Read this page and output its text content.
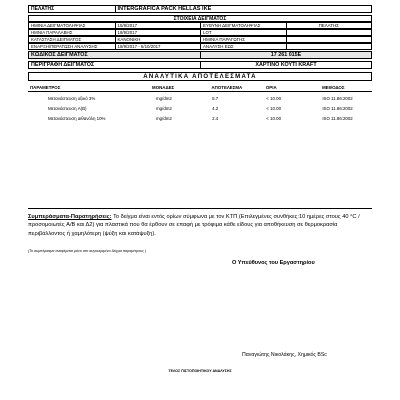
ΠΕΛΑΤΗΣ	INTERGRAFICA PACK HELLAS IKE
ΣΤΟΙΧΕΙΑ ΔΕΙΓΜΑΤΟΣ
ΗΜΙΝΙΑ ΔΕΙΓΜΑΤΟΛΗΨΙΑΣ	15/9/2017	ΕΥΘΥΝΗ ΔΕΙΓΜΑΤΟΛΗΨΙΑΣ	ΠΕΛΑΤΗΣ
ΗΜΝΙΑ ΠΑΡΑΛΑΒΗΣ	18/9/2017	LOT
ΚΑΤΑΣΤΑΣΗ ΔΕΙΓΜΑΤΟΣ	ΚΑΝΟΝΙΚΗ	ΗΜΙΝΙΑ ΠΑΡΑΓΩΓΗΣ
ΕΝΑΡΞΗ/ΠΕΡΑΤΩΣΗ ΑΝΑΛΥΣΗΣ	18/9/2017 - 6/10/2017	ΑΝΑΛΥΣΗ ΕΩΣ
ΚΩΔΙΚΟΣ ΔΕΙΓΜΑΤΟΣ	17 261 015E
ΠΕΡΙΓΡΑΦΗ ΔΕΙΓΜΑΤΟΣ	ΧΑΡΤΙΝΟ ΚΟΥΤΙ KRAFT
ΑΝΑΛΥΤΙΚΑ ΑΠΟΤΕΛΕΣΜΑΤΑ
ΠΑΡΑΜΕΤΡΟΣ	ΜΟΝΑΔΕΣ	ΑΠΟΤΕΛΕΣΜΑ	ΟΡΙΑ	ΜΕΘΟΔΟΣ
Μετανάστευση οξικό 3%	mg/dm2	5.7	< 10.00	ISO 11.86:2002
Μετανάστευση A(B)	mg/dm2	4.2	< 10.00	ISO 11.86:2002
Μετανάστευση αιθανόλη 10%	mg/dm2	2.4	< 10.00	ISO 11.86:2002
Συμπεράσματα-Παρατηρήσεις: Το δείγμα είναι εντός ορίων σύμφωνα με τον ΚΤΠ (Επιλεγμένες συνθήκες:10 ημέρες στους 40 °C / προσομοιωτές A/B και Δ2) για πλαστικά που θα έρθουν σε επαφή με τρόφιμα κάθε είδους για αποθήκευση σε θερμοκρασία περιβάλλοντος ή χαμηλότερη (ψύξη και κατάψυξη).
(Το συμπέρασμα αναφέρεται μόνο στο συγκεκριμένο δείγμα παραμέτρους )
Ο Υπεύθυνος του Εργαστηρίου
Παναγιώτης Νικολάκης, Χημικός BSc
ΤΕΛΟΣ ΠΙΣΤΟΠΟΙΗΤΙΚΟΥ ΑΝΑΛΥΣΗΣ
